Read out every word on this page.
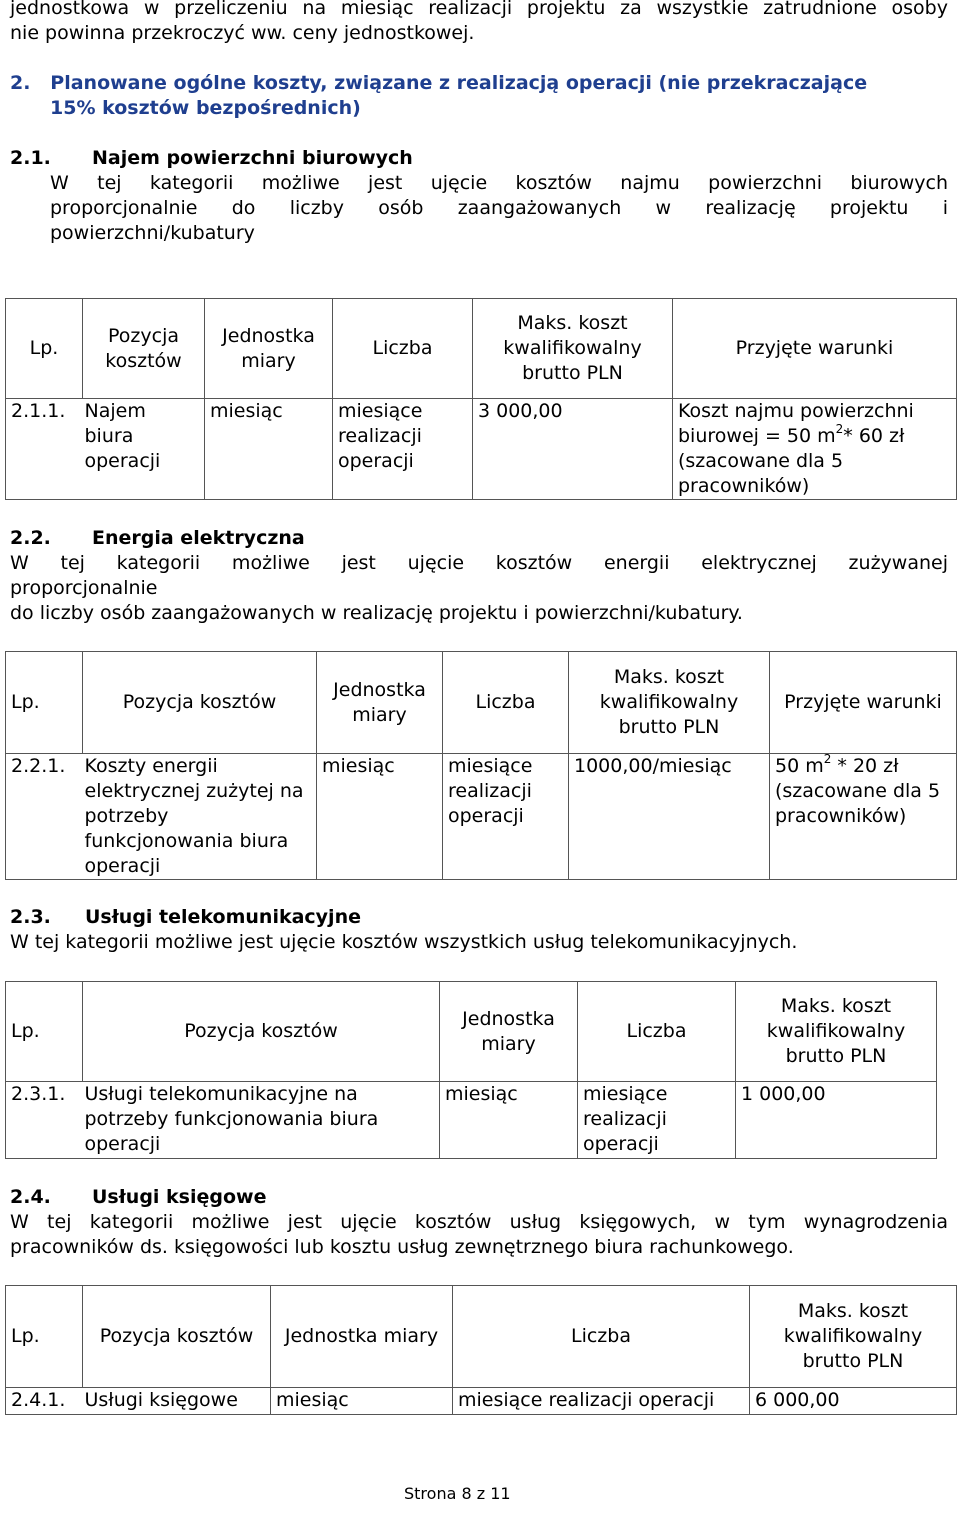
jednostkowa w przeliczeniu na miesiąc realizacji projektu za wszystkie zatrudnione osoby

nie powinna przekroczyć ww. ceny jednostkowej.

2.   Planowane ogólne koszty, związane z realizacją operacji (nie przekraczające

15% kosztów bezpośrednich)

2.1. Najem powierzchni biurowych

W tej kategorii możliwe jest ujęcie kosztów najmu powierzchni biurowych

proporcjonalnie do liczby osób zaangażowanych w realizację projektu i

powierzchni/kubatury

Lp.	Pozycja kosztów	Jednostka miary	Liczba	Maks. koszt kwalifikowalny brutto PLN	Przyjęte warunki
2.1.1.	Najem biura operacji	miesiąc	miesiące realizacji operacji	3 000,00	Koszt najmu powierzchni biurowej = 50 $m^2*$ 60 zł (szacowane dla 5 pracowników)

2.2. Energia elektryczna

W tej kategorii możliwe jest ujęcie kosztów energii elektrycznej zużywanej

proporcjonalnie

do liczby osób zaangażowanych w realizację projektu i powierzchni/kubatury.

Lp.	Pozycja kosztów	Jednostka miary	Liczba	Maks. koszt kwalifikowalny brutto PLN	Przyjęte warunki
2.2.1.	Koszty energii elektrycznej zużytej na potrzeby funkcjonowania biura operacji	miesiąc	miesiące realizacji operacji	1000,00/miesiąc	50 $m^2 * 20$ zł (szacowane dla 5 pracowników)

2.3. Usługi telekomunikacyjne

W tej kategorii możliwe jest ujęcie kosztów wszystkich usług telekomunikacyjnych.

Lp.	Pozycja kosztów	Jednostka miary	Liczba	Maks. koszt kwalifikowalny brutto PLN
2.3.1.	Usługi telekomunikacyjne na potrzeby funkcjonowania biura operacji	miesiąc	miesiące realizacji operacji	1 000,00

2.4. Usługi księgowe

W tej kategorii możliwe jest ujęcie kosztów usług księgowych, w tym wynagrodzenia

pracowników ds. księgowości lub kosztu usług zewnętrznego biura rachunkowego.

Lp.	Pozycja kosztów	Jednostka miary	Liczba	Maks. koszt kwalifikowalny brutto PLN
2.4.1.	Usługi księgowe	miesiąc	miesiące realizacji operacji	6 000,00

Strona 8 z 11
